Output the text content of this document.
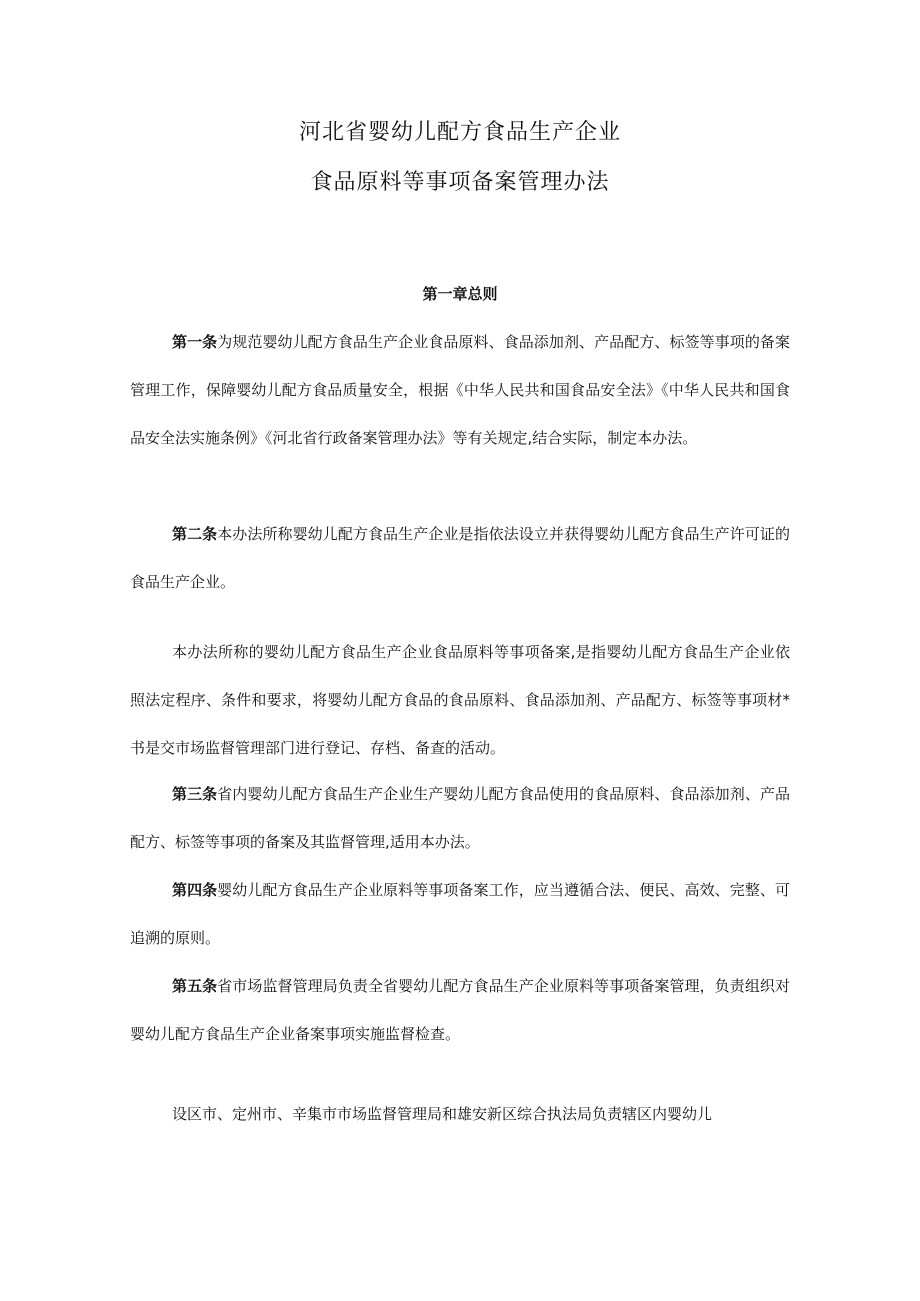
河北省婴幼儿配方食品生产企业
食品原料等事项备案管理办法
第一章总则

第一条为规范婴幼儿配方食品生产企业食品原料、食品添加剂、产品配方、标签等事项的备案管理工作，保障婴幼儿配方食品质量安全，根据《中华人民共和国食品安全法》《中华人民共和国食品安全法实施条例》《河北省行政备案管理办法》等有关规定,结合实际，制定本办法。

第二条本办法所称婴幼儿配方食品生产企业是指依法设立并获得婴幼儿配方食品生产许可证的食品生产企业。

本办法所称的婴幼儿配方食品生产企业食品原料等事项备案,是指婴幼儿配方食品生产企业依照法定程序、条件和要求，将婴幼儿配方食品的食品原料、食品添加剂、产品配方、标签等事项材*书是交市场监督管理部门进行登记、存档、备查的活动。

第三条省内婴幼儿配方食品生产企业生产婴幼儿配方食品使用的食品原料、食品添加剂、产品配方、标签等事项的备案及其监督管理,适用本办法。

第四条婴幼儿配方食品生产企业原料等事项备案工作，应当遵循合法、便民、高效、完整、可追溯的原则。

第五条省市场监督管理局负责全省婴幼儿配方食品生产企业原料等事项备案管理，负责组织对婴幼儿配方食品生产企业备案事项实施监督检查。

设区市、定州市、辛集市市场监督管理局和雄安新区综合执法局负责辖区内婴幼儿
